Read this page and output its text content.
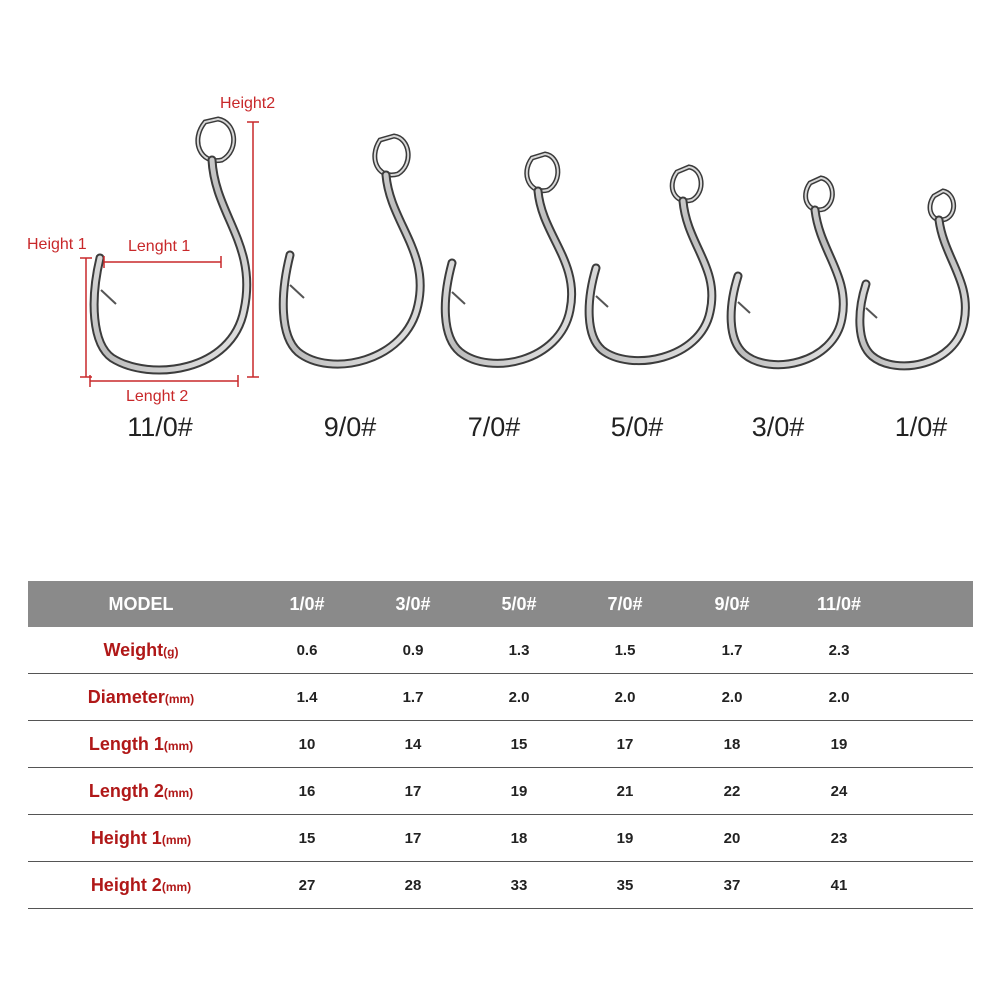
Height2
Height 1	Lenght 1
Lenght 2
11/0#	9/0#	7/0#	5/0#	3/0#	1/0#
MODEL	1/0#	3/0#	5/0#	7/0#	9/0#	11/0#	
Weight(g)	0.6	0.9	1.3	1.5	1.7	2.3	
Diameter(mm)	1.4	1.7	2.0	2.0	2.0	2.0	
Length 1(mm)	10	14	15	17	18	19	
Length 2(mm)	16	17	19	21	22	24	
Height 1(mm)	15	17	18	19	20	23	
Height 2(mm)	27	28	33	35	37	41	
